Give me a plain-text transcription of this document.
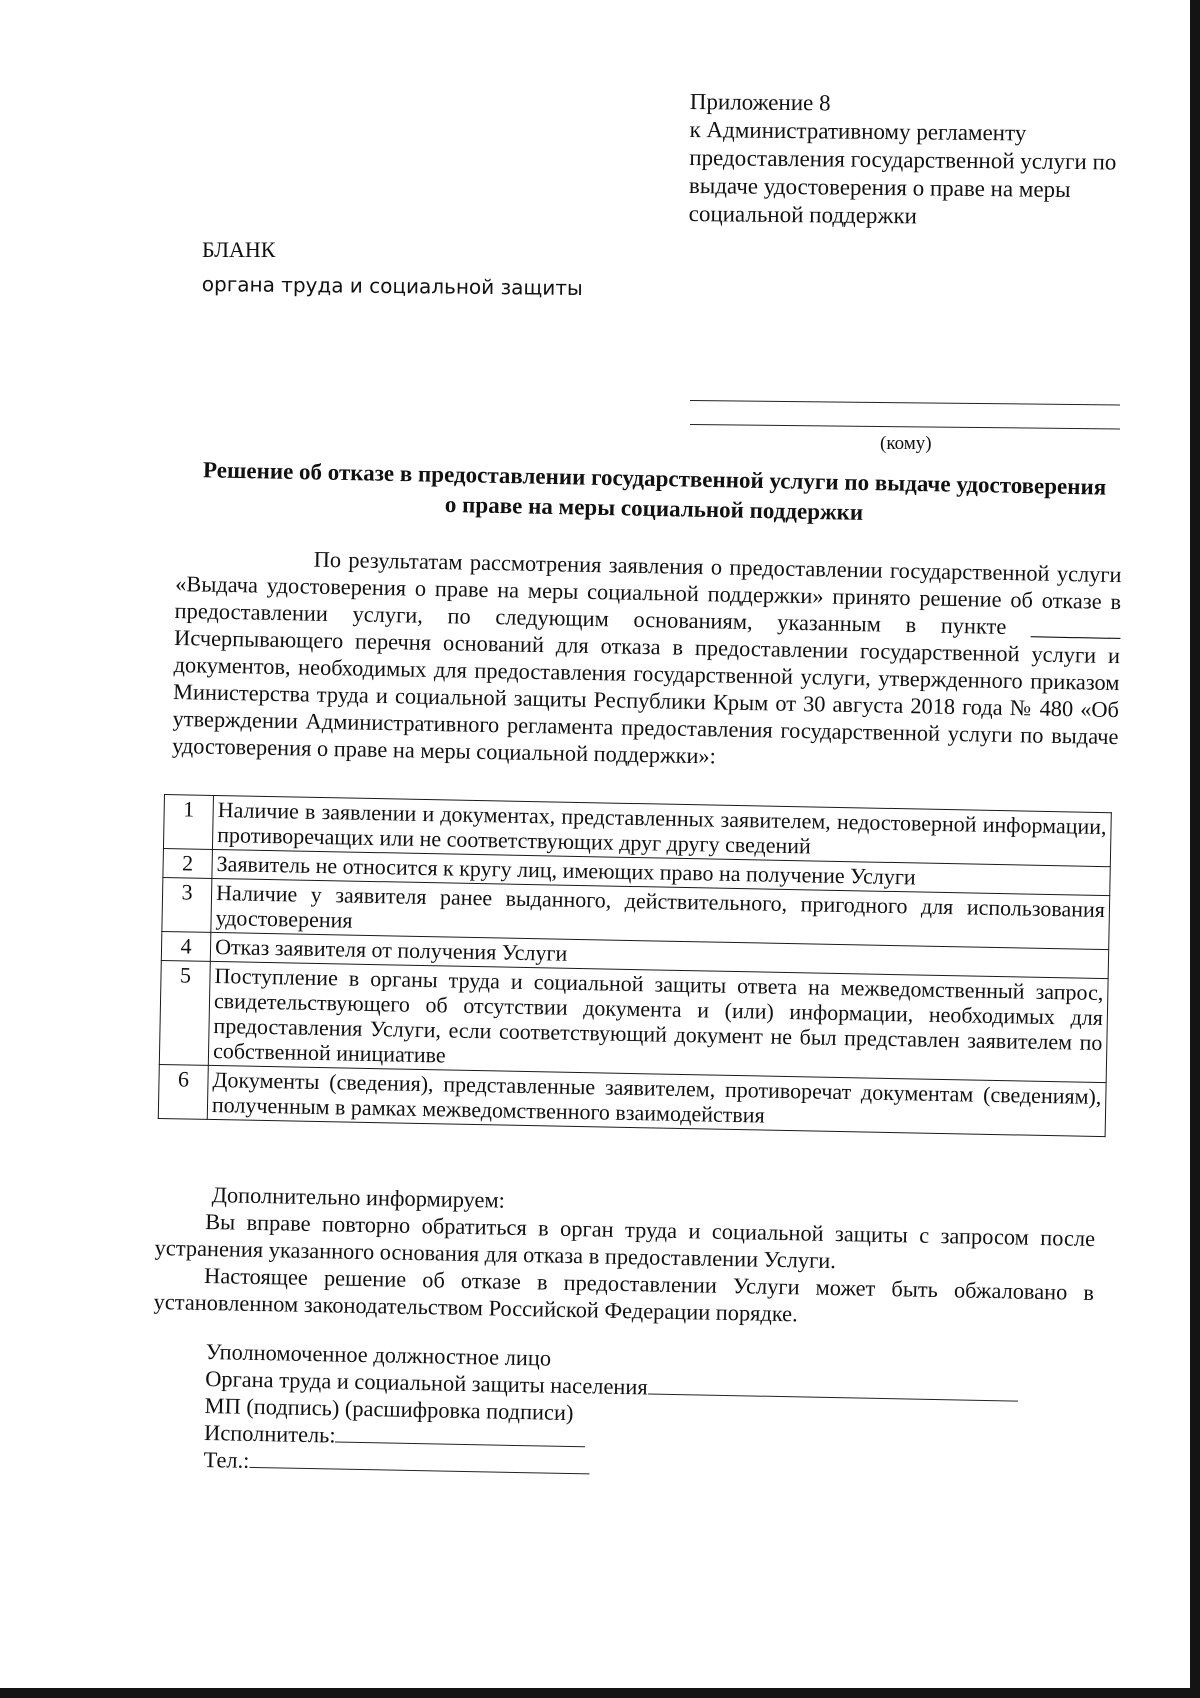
Приложение 8
к Административному регламенту
предоставления государственной услуги по
выдаче удостоверения о праве на меры
социальной поддержки
БЛАНК
органа труда и социальной защиты
(кому)
Решение об отказе в предоставлении государственной услуги по выдаче удостоверения
о праве на меры социальной поддержки
По результатам рассмотрения заявления о предоставлении государственной услуги «Выдача удостоверения о праве на меры социальной поддержки» принято решение об отказе в предоставлении услуги, по следующим основаниям, указанным в пункте ________ Исчерпывающего перечня оснований для отказа в предоставлении государственной услуги и документов, необходимых для предоставления государственной услуги, утвержденного приказом Министерства труда и социальной защиты Республики Крым от 30 августа 2018 года № 480 «Об утверждении Административного регламента предоставления государственной услуги по выдаче удостоверения о праве на меры социальной поддержки»:
1	Наличие в заявлении и документах, представленных заявителем, недостоверной информации, противоречащих или не соответствующих друг другу сведений
2	Заявитель не относится к кругу лиц, имеющих право на получение Услуги
3	Наличие у заявителя ранее выданного, действительного, пригодного для использования удостоверения
4	Отказ заявителя от получения Услуги
5	Поступление в органы труда и социальной защиты ответа на межведомственный запрос, свидетельствующего об отсутствии документа и (или) информации, необходимых для предоставления Услуги, если соответствующий документ не был представлен заявителем по собственной инициативе
6	Документы (сведения), представленные заявителем, противоречат документам (сведениям), полученным в рамках межведомственного взаимодействия

Дополнительно информируем:

Вы вправе повторно обратиться в орган труда и социальной защиты с запросом после устранения указанного основания для отказа в предоставлении Услуги.

Настоящее решение об отказе в предоставлении Услуги может быть обжаловано в установленном законодательством Российской Федерации порядке.

Уполномоченное должностное лицо
Органа труда и социальной защиты населения
МП (подпись) (расшифровка подписи)
Исполнитель:
Тел.:
